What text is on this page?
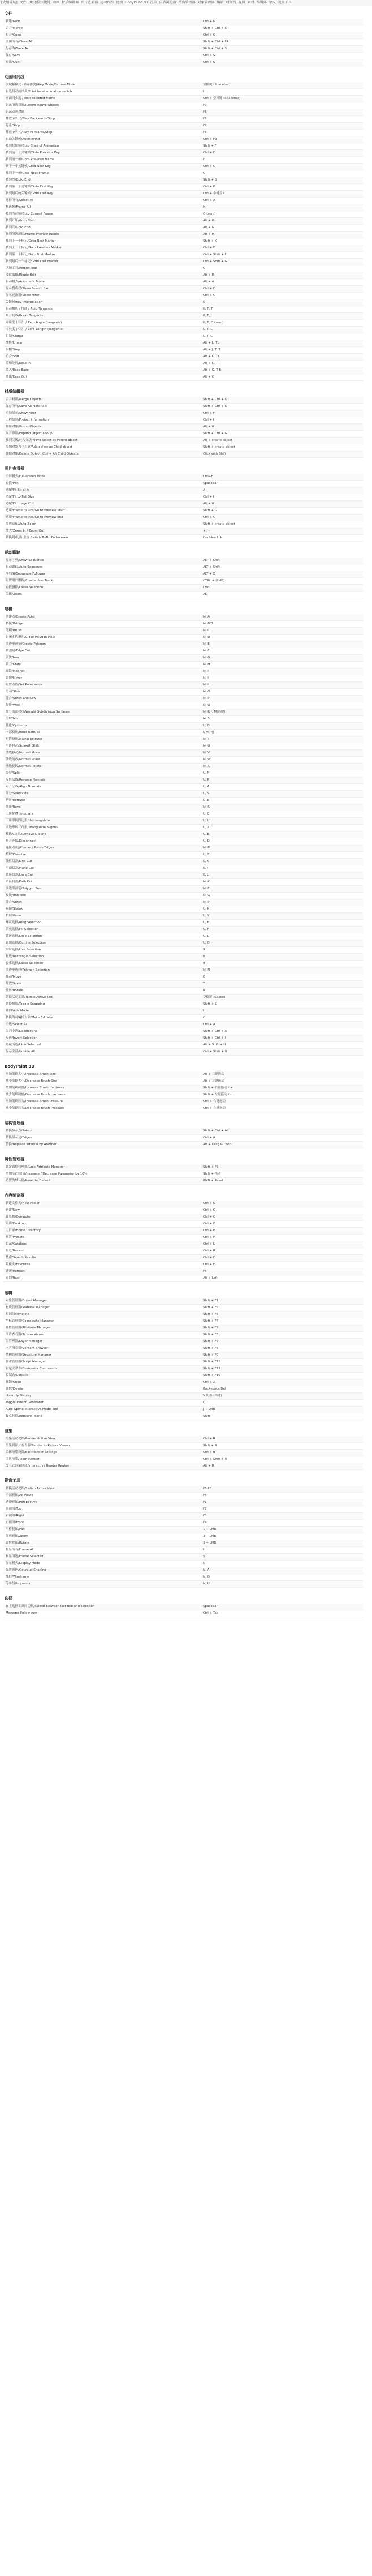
[大纲导航] 文件 3D建模快捷键 动画 材质编辑器 图片查看器 运动跟踪 建模 BodyPaint 3D 渲染 内容浏览器 结构管理器 对象管理器 编辑 时间线 视图 素材 编辑器 蒙皮 视窗工具
文件
新建/New	Ctrl + N
合并/Merge	Shift + Ctrl + O
打开/Open	Ctrl + O
关闭所有/Close All	Shift + Ctrl + F4
另存为/Save As	Shift + Ctrl + S
保存/Save	Ctrl + S
退出/Quit	Ctrl + Q
动画时间线
关键帧模式 (循环播放)/Key Mode/F-curve Mode	空格键 (Spacebar)
自选制动画序列/Point level animation switch	L
画面同步选 / with selected frame	Ctrl + 空格键 (Spacebar)
记录所选对象/Record Active Objects	F9
记录动画对象	F8
播放 (停止)/Play Backwards/Stop	F6
停止/Stop	F7
播放 (停止)/Play Forwards/Stop	F8
自动关键帧/Autokeying	Ctrl + F9
转到起始帧/Goto Start of Animation	Shift + F
转到前一个关键帧/Goto Previous Key	Ctrl + F
转到前一帧/Goto Previous Frame	F
到下一个关键帧/Goto Next Key	Ctrl + G
转到下一帧/Goto Next Frame	G
转到终/Goto End	Shift + G
转到第一个关键帧/Goto First Key	Ctrl + P
转到最后的关键帧/Goto Last Key	Ctrl + 小键盘1
选择所有/Select All	Ctrl + A
框选帧/Frame All	H
转到当前帧/Goto Current Frame	O (zero)
转到开始/Goto Start	Alt + G
转到终/Goto End	Alt + G
转到所选范围/Frame Preview Range	Alt + H
转到下一个标记/Goto Next Marker	Shift + K
转到上一个标记/Goto Previous Marker	Ctrl + K
转到第一个标记/Goto First Marker	Ctrl + Shift + F
转到最后一个标记/Goto Last Marker	Ctrl + Shift + G
区域工具/Region Tool	Q
波纹编辑/Ripple Edit	Alt + R
自动模式/Automatic Mode	Alt + A
显示搜索栏/Show Search Bar	Ctrl + F
显示过滤器/Show Filter	Ctrl + G
关键帧/Key Interpolation	K
自动相切 / 扭曲 / Auto Tangents	K, T, T
断开切线/Break Tangents	K, T, J
零角度 (相切) / Zero Angle (tangents)	K, T, O (zero)
零长度 (相切) / Zero Length (tangents)	L, T, L
钳制/Clamp	L, T, C
线性/Linear	Alt + L, TL
步幅/Step	Alt + J, T, T
重合/Soft	Alt + K, TK
缓和处理/Ease In	Alt + K, T I
缓入/Ease Ease	Alt + Q, T E
缓出/Ease Out	Alt + O
材质编辑器
合并材质/Merge Objects	Shift + Ctrl + O
保存所有/Save All Materials	Shift + Ctrl + S
单独显示/Show Filter	Ctrl + F
工程信息/Project Information	Ctrl + I
群组对象/Group Objects	Alt + G
展开群组/Expand Object Group	Shift + Ctrl + G
转到父级/转入父级/Move Select as Parent object	Alt + create object
添加对象为子对象/Add object as Child object	Shift + create object
删除对象/Delete Object, Ctrl + Alt Child Objects	Click with Shift
图片查看器
全屏模式/Full-screen Mode	Ctrl+F
查找/Pan	Spacebar
适配/Fit Bit at A	A
适配/Fit to Full Size	Ctrl + I
适配/Fit image Ctrl	Alt + G
适用/Frame to Pics/Go to Preview Start	Shift + G
适用/Frame to Pics/Go to Preview End	Ctrl + G
缩放适配/Auto Zoom	Shift + create object
放大/Zoom In / Zoom Out	+ / -
切换到/切换 全屏 Switch To/No Full-screen	Double-click
运动跟踪
显示序列/Show Sequence	ALT + Shift
自动跟踪/Auto Sequence	ALT + Shift
序列编/Sequence Follower	ALT + X
设置用户跟踪/Create User Track	CTRL + (LMB)
查找删除/Lasso Selection	LMB
编辑/Zoom	ALT
建模
创建点/Create Point	M, A
桥接/Bridge	M, B/B
笔刷/Brush	M, C
封闭多边形孔/Close Polygon Hole	M, D
多边形画笔/Create Polygon	M, E
切割边/Edge Cut	M, F
熨烫/Iron	M, G
切刀/Knife	M, H
磁铁/Magnet	M, I
镜像/Mirror	M, J
设置点值/Set Point Value	M, L
滑动/Slide	M, O
缝合/Stitch and Sew	M, P
焊接/Weld	M, Q
细分曲面权重/Weight Subdivision Surfaces	M, R (, M(四键))
溶解/Melt	M, S
优化/Optimize	U, O
内部挤压/Inner Extrude	I, M(内)
矩阵挤压/Matrix Extrude	M, T
平滑移动/Smooth Shift	M, U
法线移动/Normal Move	M, V
法线缩放/Normal Scale	M, W
法线旋转/Normal Rotate	M, X
分裂/Split	U, P
反转法线/Reverse Normals	U, R
对齐法线/Align Normals	U, A
细分/Subdivide	U, S
挤压/Extrude	D, E
倒角/Bevel	M, S
三角化/Triangulate	U, C
三角形转四边形/Untriangulate	U, U
四边形转三角形/Triangulate N-gons	U, T
移除N边形/Remove N-gons	U, E
断开连接/Disconnect	U, D
连接点/边/Connect Points/Edges	M, M
熔解/Dissolve	U, Z
线性切割/Line Cut	K, K
平面切割/Plane Cut	K, J
循环切割/Loop Cut	K, L
路径切割/Path Cut	M, K
多边形画笔/Polygon Pen	M, E
熨烫/Iron Tool	M, G
缝合/Stitch	M, P
收缩/Shrink	U, K
扩展/Grow	U, Y
环状选择/Ring Selection	U, B
填充选择/Fill Selection	U, F
循环选择/Loop Selection	U, L
轮廓选择/Outline Selection	U, Q
实时选择/Live Selection	9
框选/Rectangle Selection	0
套索选择/Lasso Selection	8
多边形选择/Polygon Selection	M, N
移动/Move	E
缩放/Scale	T
旋转/Rotate	R
切换活动工具/Toggle Active Tool	空格键 (Space)
切换捕捉/Toggle Snapping	Shift + S
轴向/Axis Mode	L
转换为可编辑对象/Make Editable	C
全选/Select All	Ctrl + A
取消全选/Deselect All	Shift + Ctrl + A
反选/Invert Selection	Shift + Ctrl + I
隐藏所选/Hide Selected	Alt + Shift + H
显示全部/Unhide All	Ctrl + Shift + U
BodyPaint 3D
增加笔刷大小/Increase Brush Size	Alt + 右键拖动
减少笔刷大小/Decrease Brush Size	Alt + 左键拖动
增加笔刷硬度/Increase Brush Hardness	Shift + 右键拖动 / +
减少笔刷硬度/Decrease Brush Hardness	Shift + 左键拖动 / -
增加笔刷压力/Increase Brush Pressure	Ctrl + 右键拖动
减少笔刷压力/Decrease Brush Pressure	Ctrl + 左键拖动
结构管理器
切换显示点/Points	Shift + Ctrl + Alt
切换显示边/Edges	Ctrl + A
替换/Replace Internal by Another	Alt + Drag & Drop
属性管理器
锁定属性管理器/Lock Attribute Manager	Shift + F5
增加/减少数值/Increase / Decrease Parameter by 10%	Shift + 拖动
重置为默认值/Reset to Default	RMB + Reset
内容浏览器
新建文件夹/New Folder	Ctrl + N
新建/New	Ctrl + O
计算机/Computer	Ctrl + C
桌面/Desktop	Ctrl + D
主目录/Home Directory	Ctrl + H
预置/Presets	Ctrl + P
目录/Catalogs	Ctrl + L
最近/Recent	Ctrl + R
搜索/Search Results	Ctrl + F
收藏夹/Favorites	Ctrl + E
刷新/Refresh	F5
返回/Back	Alt + Left
编辑
对象管理器/Object Manager	Shift + F1
材质管理器/Material Manager	Shift + F2
时间线/Timeline	Shift + F3
坐标管理器/Coordinate Manager	Shift + F4
属性管理器/Attribute Manager	Shift + F5
图片查看器/Picture Viewer	Shift + F6
层管理器/Layer Manager	Shift + F7
内容浏览器/Content Browser	Shift + F8
结构管理器/Structure Manager	Shift + F9
脚本管理器/Script Manager	Shift + F11
自定义命令/Customize Commands	Shift + F12
控制台/Console	Shift + F10
撤销/Undo	Ctrl + Z
删除/Delete	Backspace/Del
Hook Up Display	V 切换 (四键)
Toggle Parent Generator	Q
Auto-Spline Interactive Mode Tool	J + LMB
按点移除/Remove Points	Shift
渲染
渲染活动视图/Render Active View	Ctrl + R
渲染到图片查看器/Render to Picture Viewer	Shift + R
编辑渲染设置/Edit Render Settings	Ctrl + B
团队渲染/Team Render	Ctrl + Shift + R
交互式渲染区域/Interactive Render Region	Alt + R
视窗工具
切换活动视图/Switch Active View	F1-F5
全部视图/All Views	F5
透视视图/Perspective	F1
顶视图/Top	F2
右视图/Right	F3
正视图/Front	F4
平移视图/Pan	1 + LMB
缩放视图/Zoom	2 + LMB
旋转视图/Rotate	3 + LMB
框显所有/Frame All	H
框显所选/Frame Selected	S
显示模式/Display Mode	N
光影着色/Gouraud Shading	N, A
线框/Wireframe	N, G
等参线/Isoparms	N, H
选择
在主选择工具间切换/Switch between last tool and selection	Spacebar
Manager Follow-new	Ctrl + Tab
